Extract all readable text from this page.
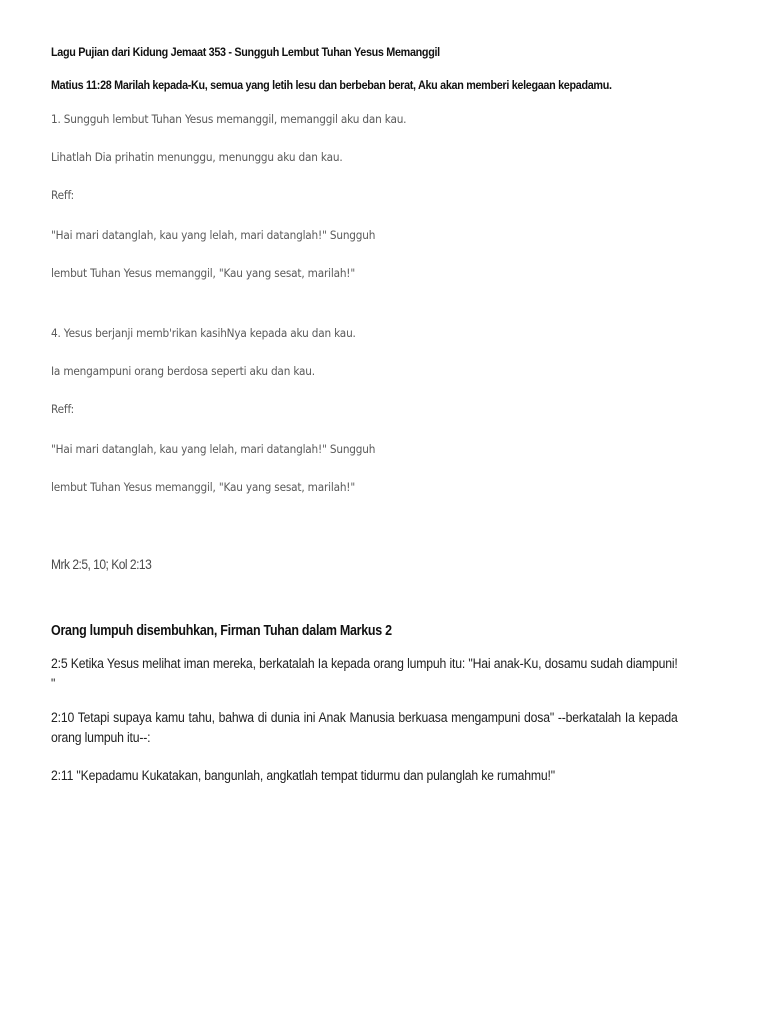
Lagu Pujian dari Kidung Jemaat 353 - Sungguh Lembut Tuhan Yesus Memanggil

Matius 11:28 Marilah kepada-Ku, semua yang letih lesu dan berbeban berat, Aku akan memberi kelegaan kepadamu.

1. Sungguh lembut Tuhan Yesus memanggil, memanggil aku dan kau.

Lihatlah Dia prihatin menunggu, menunggu aku dan kau.

Reff:

"Hai mari datanglah, kau yang lelah, mari datanglah!" Sungguh

lembut Tuhan Yesus memanggil, "Kau yang sesat, marilah!"

4. Yesus berjanji memb'rikan kasihNya kepada aku dan kau.

Ia mengampuni orang berdosa seperti aku dan kau.

Reff:

"Hai mari datanglah, kau yang lelah, mari datanglah!" Sungguh

lembut Tuhan Yesus memanggil, "Kau yang sesat, marilah!"

Mrk 2:5, 10; Kol 2:13

Orang lumpuh disembuhkan, Firman Tuhan dalam Markus 2

2:5 Ketika Yesus melihat iman mereka, berkatalah Ia kepada orang lumpuh itu: "Hai anak-Ku, dosamu sudah diampuni! "

2:10 Tetapi supaya kamu tahu, bahwa di dunia ini Anak Manusia berkuasa mengampuni dosa" --berkatalah Ia kepada orang lumpuh itu--:

2:11 "Kepadamu Kukatakan, bangunlah, angkatlah tempat tidurmu dan pulanglah ke rumahmu!"
